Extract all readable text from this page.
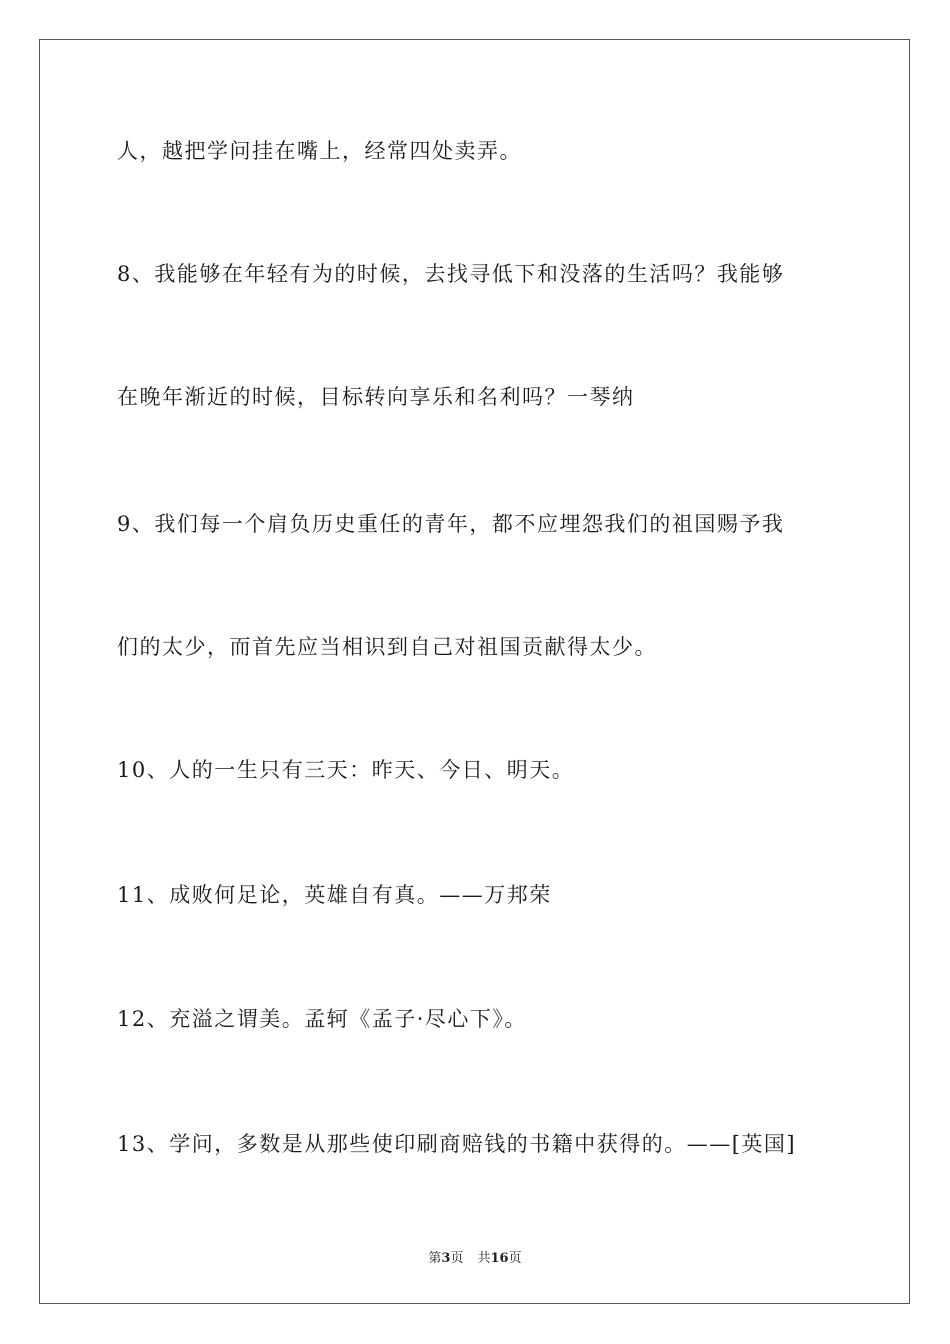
人，越把学问挂在嘴上，经常四处卖弄。
8、我能够在年轻有为的时候，去找寻低下和没落的生活吗？我能够
在晚年渐近的时候，目标转向享乐和名利吗？一琴纳
9、我们每一个肩负历史重任的青年，都不应埋怨我们的祖国赐予我
们的太少，而首先应当相识到自己对祖国贡献得太少。
10、人的一生只有三天：昨天、今日、明天。
11、成败何足论，英雄自有真。——万邦荣
12、充溢之谓美。孟轲《孟子·尽心下》。
13、学问，多数是从那些使印刷商赔钱的书籍中获得的。——[英国]
第3页 共16页
